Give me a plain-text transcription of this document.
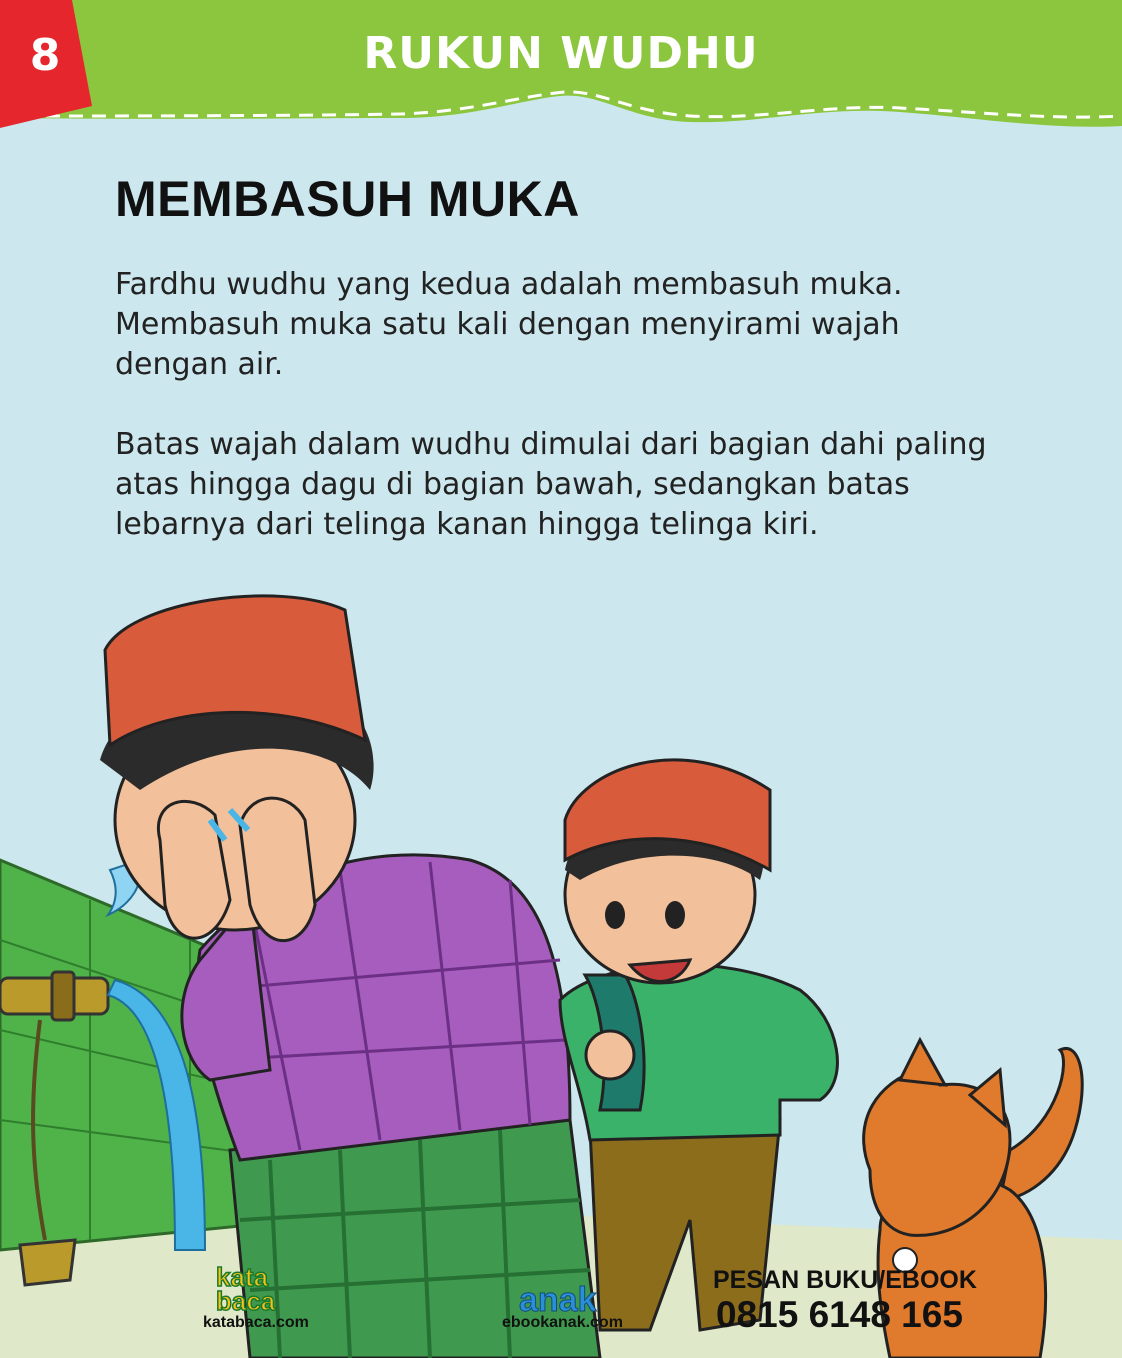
8	RUKUN WUDHU
MEMBASUH MUKA
Fardhu wudhu yang kedua adalah membasuh muka. Membasuh muka satu kali dengan menyirami wajah dengan air.
Batas wajah dalam wudhu dimulai dari bagian dahi paling atas hingga dagu di bagian bawah, sedangkan batas lebarnya dari telinga kanan hingga telinga kiri.
kata
baca
katabaca.com
anak
ebookanak.com
PESAN BUKU/EBOOK
0815 6148 165
